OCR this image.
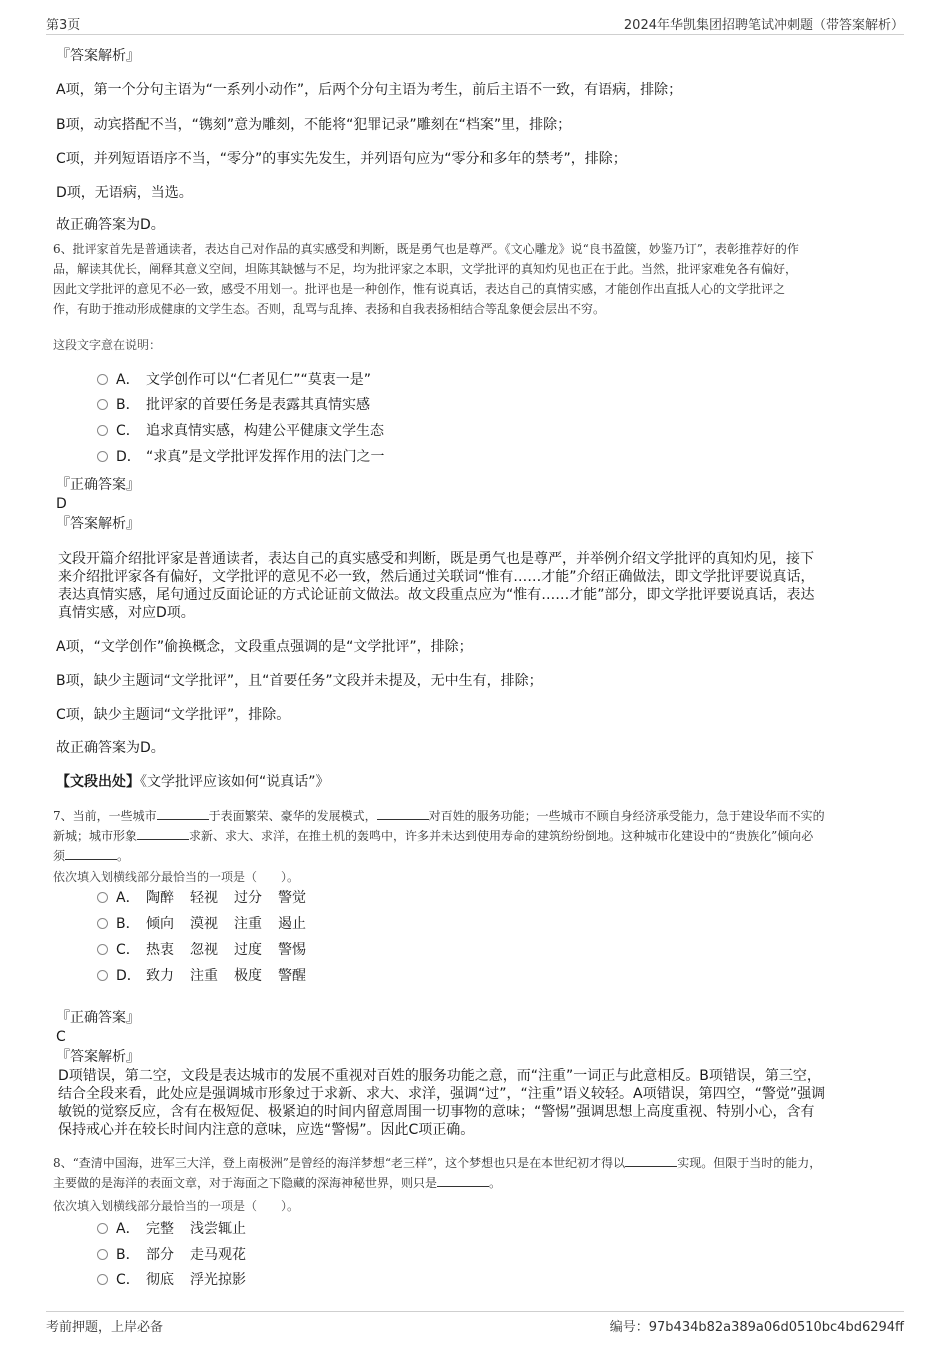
第3页	2024年华凯集团招聘笔试冲刺题（带答案解析）

『答案解析』

A项，第一个分句主语为“一系列小动作”，后两个分句主语为考生，前后主语不一致，有语病，排除；

B项，动宾搭配不当，“镌刻”意为雕刻，不能将“犯罪记录”雕刻在“档案”里，排除；

C项，并列短语语序不当，“零分”的事实先发生，并列语句应为“零分和多年的禁考”，排除；

D项，无语病，当选。

故正确答案为D。

6、批评家首先是普通读者，表达自己对作品的真实感受和判断，既是勇气也是尊严。《文心雕龙》说“良书盈箧，妙鉴乃订”，表彰推荐好的作
品，解读其优长，阐释其意义空间，坦陈其缺憾与不足，均为批评家之本职，文学批评的真知灼见也正在于此。当然，批评家难免各有偏好，
因此文学批评的意见不必一致，感受不用划一。批评也是一种创作，惟有说真话，表达自己的真情实感，才能创作出直抵人心的文学批评之
作，有助于推动形成健康的文学生态。否则，乱骂与乱捧、表扬和自我表扬相结合等乱象便会层出不穷。

这段文字意在说明：

A． 文学创作可以“仁者见仁”“莫衷一是”
B． 批评家的首要任务是表露其真情实感
C． 追求真情实感，构建公平健康文学生态
D． “求真”是文学批评发挥作用的法门之一

『正确答案』

D

『答案解析』

文段开篇介绍批评家是普通读者，表达自己的真实感受和判断，既是勇气也是尊严，并举例介绍文学批评的真知灼见，接下
来介绍批评家各有偏好，文学批评的意见不必一致，然后通过关联词“惟有……才能”介绍正确做法，即文学批评要说真话，
表达真情实感，尾句通过反面论证的方式论证前文做法。故文段重点应为“惟有……才能”部分，即文学批评要说真话，表达
真情实感，对应D项。

A项，“文学创作”偷换概念，文段重点强调的是“文学批评”，排除；

B项，缺少主题词“文学批评”，且“首要任务”文段并未提及，无中生有，排除；

C项，缺少主题词“文学批评”，排除。

故正确答案为D。

【文段出处】《文学批评应该如何“说真话”》

7、当前，一些城市	于表面繁荣、豪华的发展模式，	对百姓的服务功能；一些城市不顾自身经济承受能力，急于建设华而不实的
新城；城市形象	求新、求大、求洋，在推土机的轰鸣中，许多并未达到使用寿命的建筑纷纷倒地。这种城市化建设中的“贵族化”倾向必
须	。

依次填入划横线部分最恰当的一项是（　　）。

A． 陶醉 轻视 过分 警觉
B． 倾向 漠视 注重 遏止
C． 热衷 忽视 过度 警惕
D． 致力 注重 极度 警醒

『正确答案』

C

『答案解析』

D项错误，第二空，文段是表达城市的发展不重视对百姓的服务功能之意，而“注重”一词正与此意相反。B项错误，第三空，
结合全段来看，此处应是强调城市形象过于求新、求大、求洋，强调“过”，“注重”语义较轻。A项错误，第四空，“警觉”强调
敏锐的觉察反应，含有在极短促、极紧迫的时间内留意周围一切事物的意味；“警惕”强调思想上高度重视、特别小心，含有
保持戒心并在较长时间内注意的意味，应选“警惕”。因此C项正确。
8、“查清中国海，进军三大洋，登上南极洲”是曾经的海洋梦想“老三样”，这个梦想也只是在本世纪初才得以	实现。但限于当时的能力，
主要做的是海洋的表面文章，对于海面之下隐藏的深海神秘世界，则只是	。

依次填入划横线部分最恰当的一项是（　　）。

A． 完整 浅尝辄止
B． 部分 走马观花
C． 彻底 浮光掠影
考前押题，上岸必备	编号：97b434b82a389a06d0510bc4bd6294ff
